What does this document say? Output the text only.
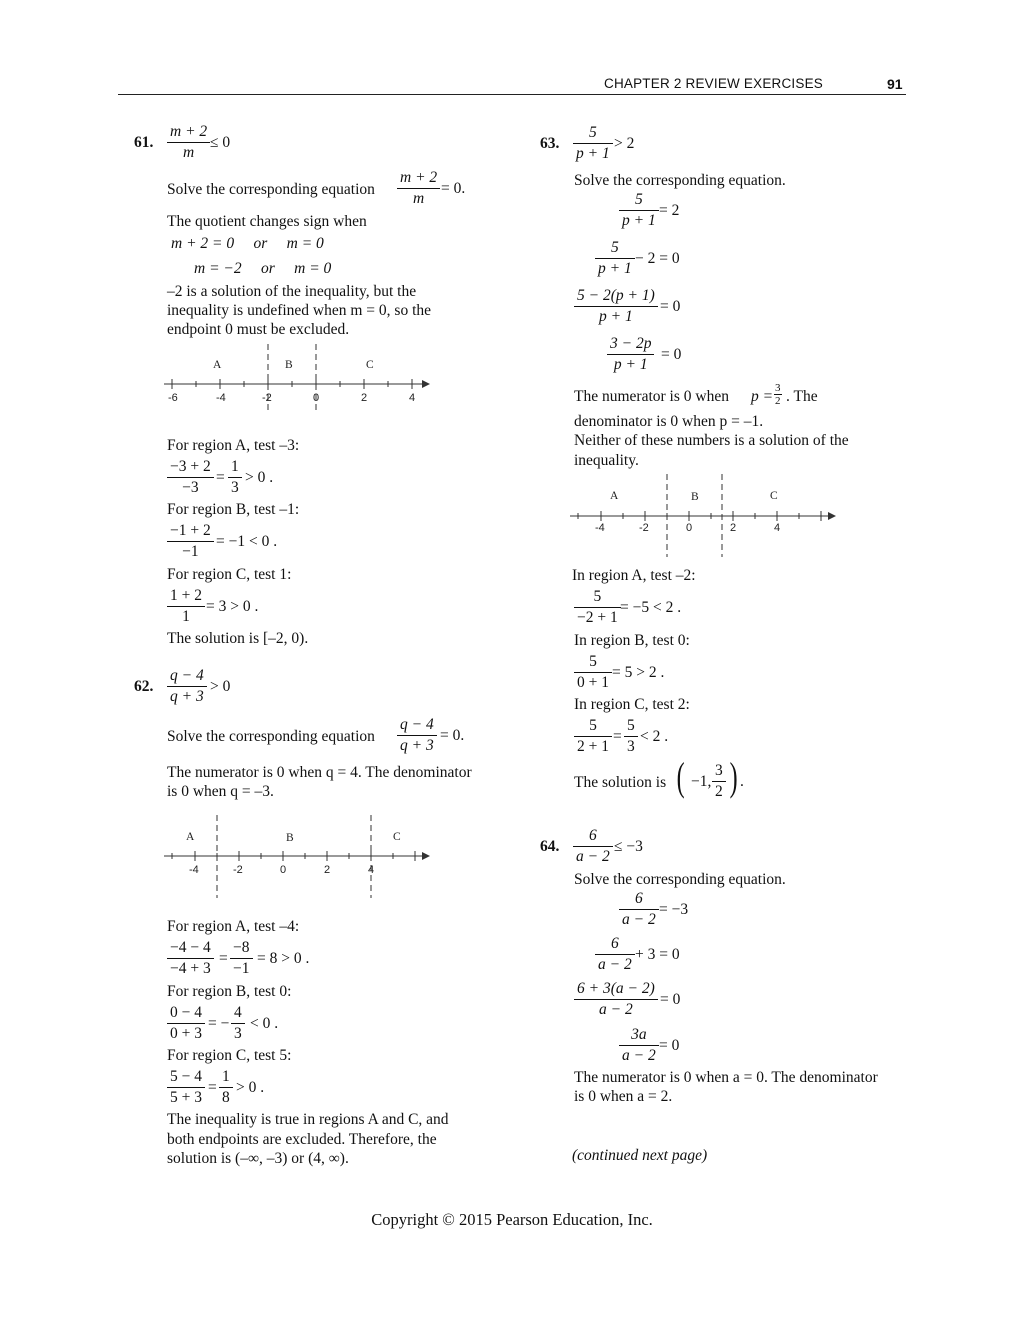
CHAPTER 2 REVIEW EXERCISES	91
61. $\frac{m + 2}{m} \le 0$
Solve the corresponding equation $\frac{m + 2}{m} = 0$.
The quotient changes sign when
m + 2 = 0     or     m = 0
m = −2     or     m = 0
–2 is a solution of the inequality, but the
inequality is undefined when m = 0, so the
endpoint 0 must be excluded.
-6	-4	-2	0	2	4
A	B	C
For region A, test –3:
$\frac{-3 + 2}{-3} = \frac{1}{3} > 0$ .
For region B, test –1:
$\frac{-1 + 2}{-1} = -1 < 0$ .
For region C, test 1:
$\frac{1 + 2}{1} = 3 > 0$ .
The solution is [–2, 0).
62. $\frac{q - 4}{q + 3} > 0$
Solve the corresponding equation $\frac{q - 4}{q + 3} = 0$.
The numerator is 0 when q = 4. The denominator
is 0 when q = –3.
-4	-2	0	2	4
A	B	C
For region A, test –4:
$\frac{-4 - 4}{-4 + 3} = \frac{-8}{-1} = 8 > 0$ .
For region B, test 0:
$\frac{0 - 4}{0 + 3}$ = − $\frac{4}{3} < 0$ .
For region C, test 5:
$\frac{5 - 4}{5 + 3} = \frac{1}{8} > 0$ .
The inequality is true in regions A and C, and
both endpoints are excluded. Therefore, the
solution is (–∞, –3) or (4, ∞).
63. $\frac{5}{p + 1} > 2$
Solve the corresponding equation.
$\frac{5}{p + 1} = 2$
$\frac{5}{p + 1} - 2 = 0$
$\frac{5 - 2(p + 1)}{p + 1} = 0$
$\frac{3 - 2p}{p + 1} = 0$
The numerator is 0 when $p = \frac{3}{2}$ . The
denominator is 0 when p = –1.
Neither of these numbers is a solution of the
inequality.
-4	-2	0	2	4
A	B	C
In region A, test –2:
$\frac{5}{-2 + 1} = -5 < 2$ .
In region B, test 0:
$\frac{5}{0 + 1} = 5 > 2$ .
In region C, test 2:
$\frac{5}{2 + 1} = \frac{5}{3} < 2$ .
The solution is ( −1, $\frac{3}{2}$ ) .
64. $\frac{6}{a - 2} \le -3$
Solve the corresponding equation.
$\frac{6}{a - 2} = -3$
$\frac{6}{a - 2} + 3 = 0$
$\frac{6 + 3(a - 2)}{a - 2} = 0$
$\frac{3a}{a - 2} = 0$
The numerator is 0 when a = 0. The denominator
is 0 when a = 2.
(continued next page)
Copyright © 2015 Pearson Education, Inc.
